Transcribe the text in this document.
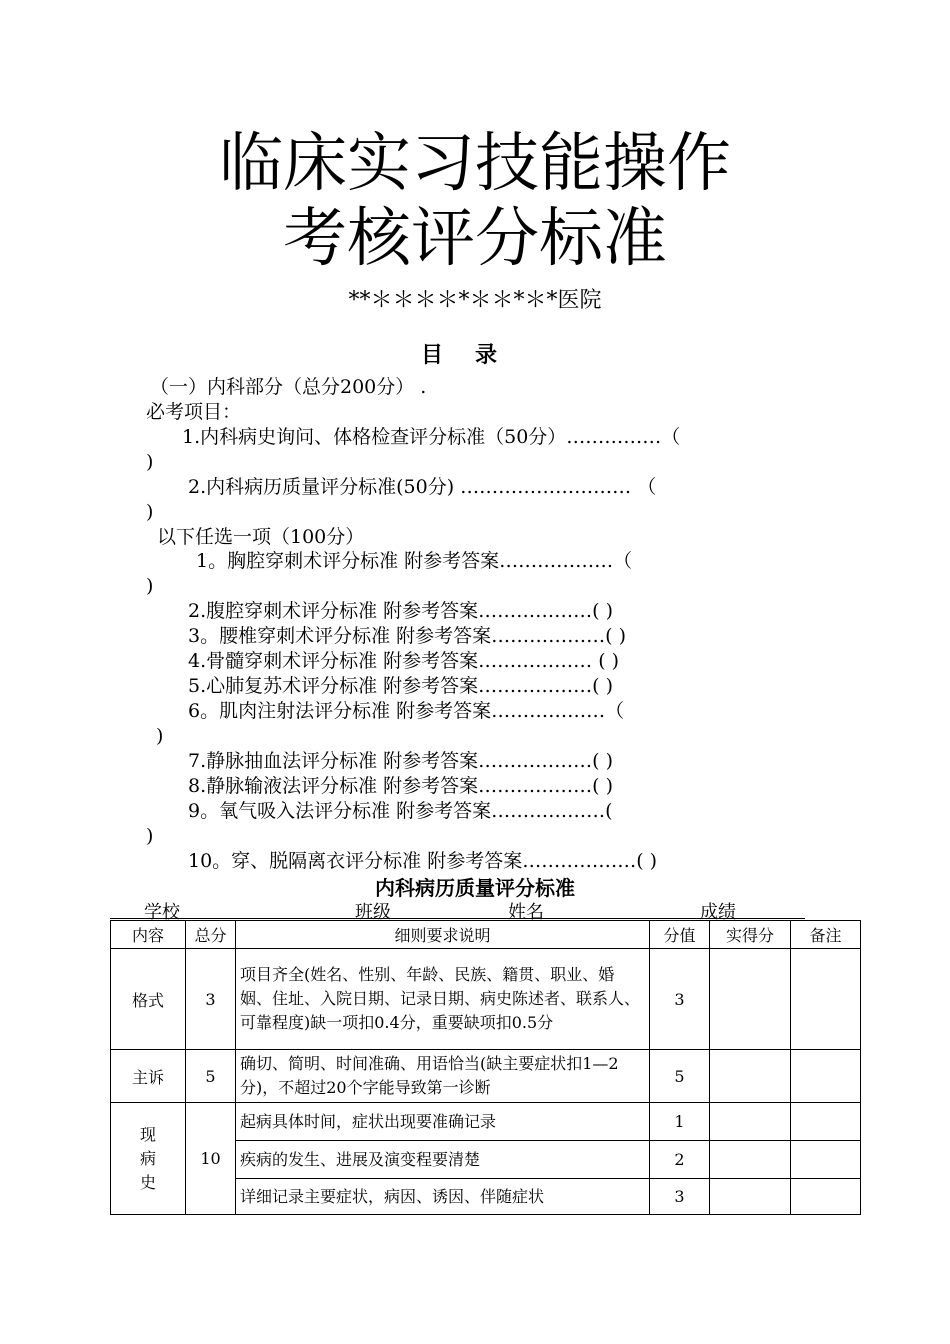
临床实习技能操作
考核评分标准
**＊＊＊＊*＊＊*＊*医院
目录
（一）内科部分（总分200分） .
必考项目：
1.内科病史询问、体格检查评分标准（50分）……………（
)
2.内科病历质量评分标准(50分) ……………………… （
)
以下任选一项（100分）
1。胸腔穿刺术评分标准 附参考答案………………（
)
2.腹腔穿刺术评分标准 附参考答案………………( )
3。腰椎穿刺术评分标准 附参考答案………………( )
4.骨髓穿刺术评分标准 附参考答案……………… ( )
5.心肺复苏术评分标准 附参考答案………………( )
6。肌肉注射法评分标准 附参考答案………………（
)
7.静脉抽血法评分标准 附参考答案………………( )
8.静脉输液法评分标准 附参考答案………………( )
9。氧气吸入法评分标准 附参考答案………………(
)
10。穿、脱隔离衣评分标准 附参考答案………………( )
内科病历质量评分标准
学校	班级	姓名	成绩
内容	总分	细则要求说明	分值	实得分	备注
格式	3	项目齐全(姓名、性别、年龄、民族、籍贯、职业、婚姻、住址、入院日期、记录日期、病史陈述者、联系人、可靠程度)缺一项扣0.4分，重要缺项扣0.5分	3		
主诉	5	确切、简明、时间准确、用语恰当(缺主要症状扣1—2分)，不超过20个字能导致第一诊断	5		

现
病
史	10	起病具体时间，症状出现要准确记录	1		
		疾病的发生、进展及演变程要清楚	2		
		详细记录主要症状，病因、诱因、伴随症状	3		
